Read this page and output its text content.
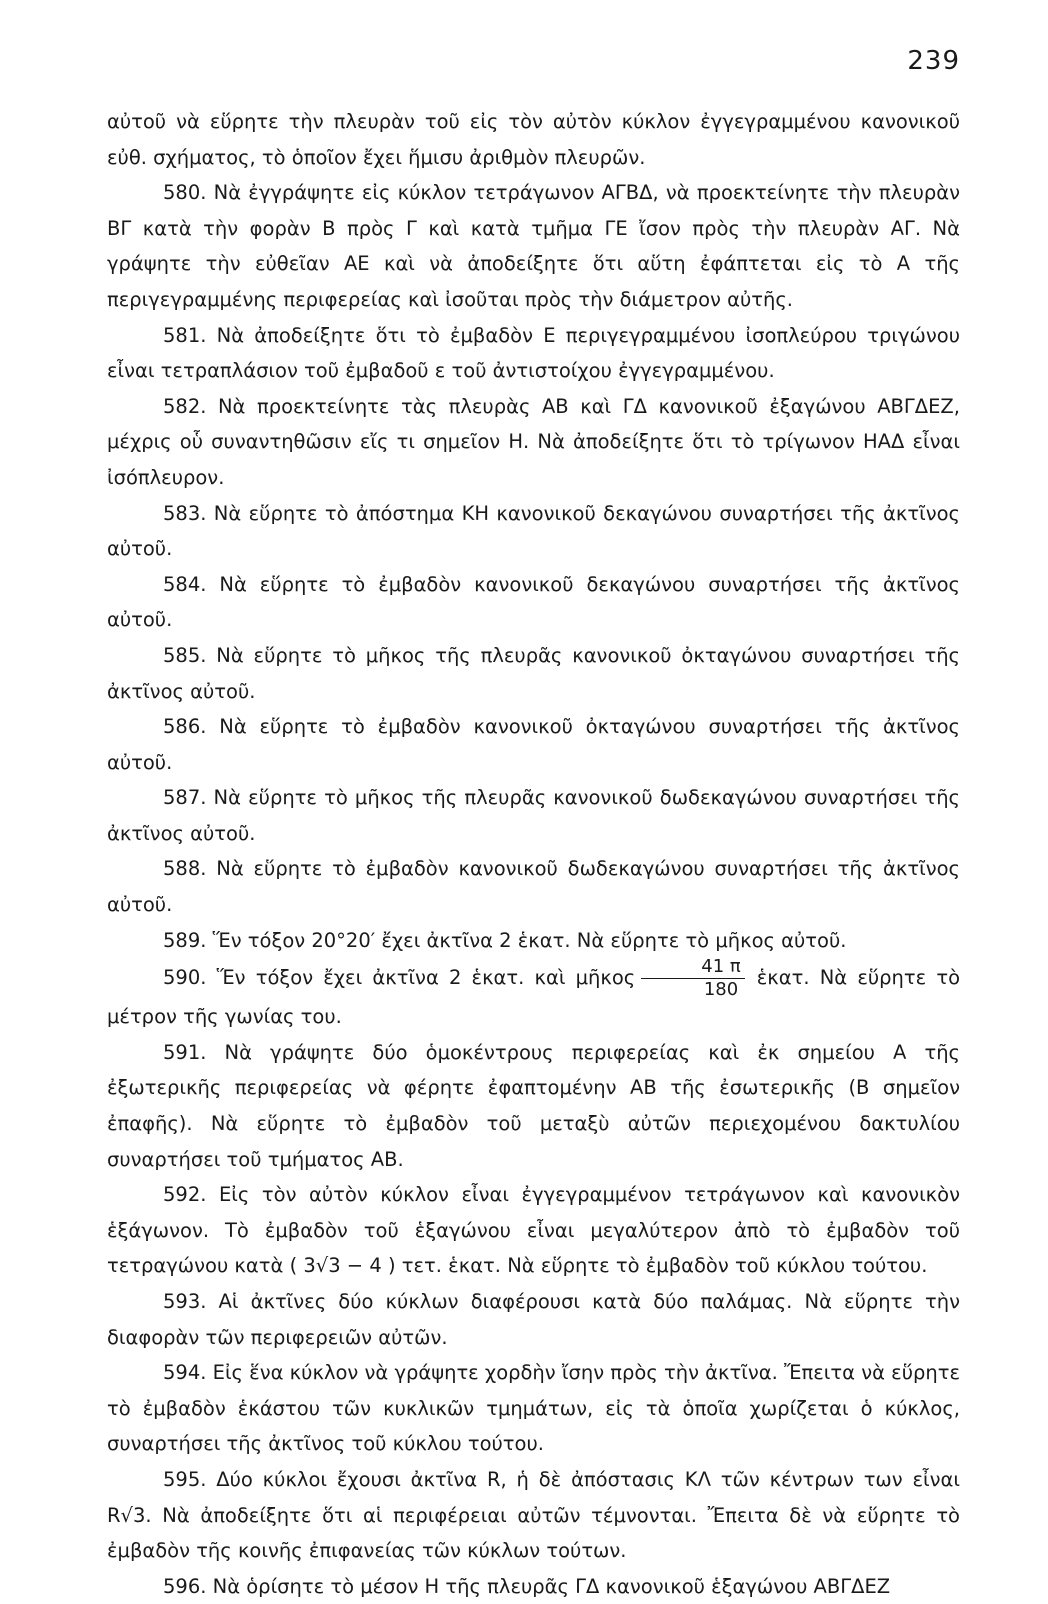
239

αὐτοῦ νὰ εὕρητε τὴν πλευρὰν τοῦ εἰς τὸν αὐτὸν κύκλον ἐγγεγραμμένου κανονικοῦ εὐθ. σχήματος, τὸ ὁποῖον ἔχει ἥμισυ ἀριθμὸν πλευρῶν.

580. Νὰ ἐγγράψητε εἰς κύκλον τετράγωνον ΑΓΒΔ, νὰ προεκτείνητε τὴν πλευρὰν ΒΓ κατὰ τὴν φορὰν Β πρὸς Γ καὶ κατὰ τμῆμα ΓΕ ἴσον πρὸς τὴν πλευρὰν ΑΓ. Νὰ γράψητε τὴν εὐθεῖαν ΑΕ καὶ νὰ ἀποδείξητε ὅτι αὕτη ἐφάπτεται εἰς τὸ Α τῆς περιγεγραμμένης περιφερείας καὶ ἰσοῦται πρὸς τὴν διάμετρον αὐτῆς.

581. Νὰ ἀποδείξητε ὅτι τὸ ἐμβαδὸν Ε περιγεγραμμένου ἰσοπλεύρου τριγώνου εἶναι τετραπλάσιον τοῦ ἐμβαδοῦ ε τοῦ ἀντιστοίχου ἐγγεγραμμένου.

582. Νὰ προεκτείνητε τὰς πλευρὰς ΑΒ καὶ ΓΔ κανονικοῦ ἐξαγώνου ΑΒΓΔΕΖ, μέχρις οὗ συναντηθῶσιν εἴς τι σημεῖον Η. Νὰ ἀποδείξητε ὅτι τὸ τρίγωνον ΗΑΔ εἶναι ἰσόπλευρον.

583. Νὰ εὕρητε τὸ ἀπόστημα ΚΗ κανονικοῦ δεκαγώνου συναρτήσει τῆς ἀκτῖνος αὐτοῦ.

584. Νὰ εὕρητε τὸ ἐμβαδὸν κανονικοῦ δεκαγώνου συναρτήσει τῆς ἀκτῖνος αὐτοῦ.

585. Νὰ εὕρητε τὸ μῆκος τῆς πλευρᾶς κανονικοῦ ὀκταγώνου συναρτήσει τῆς ἀκτῖνος αὐτοῦ.

586. Νὰ εὕρητε τὸ ἐμβαδὸν κανονικοῦ ὀκταγώνου συναρτήσει τῆς ἀκτῖνος αὐτοῦ.

587. Νὰ εὕρητε τὸ μῆκος τῆς πλευρᾶς κανονικοῦ δωδεκαγώνου συναρτήσει τῆς ἀκτῖνος αὐτοῦ.

588. Νὰ εὕρητε τὸ ἐμβαδὸν κανονικοῦ δωδεκαγώνου συναρτήσει τῆς ἀκτῖνος αὐτοῦ.

589. Ἕν τόξον 20°20′ ἔχει ἀκτῖνα 2 ἑκατ. Νὰ εὕρητε τὸ μῆκος αὐτοῦ.

590. Ἕν τόξον ἔχει ἀκτῖνα 2 ἑκατ. καὶ μῆκος $\frac{41 \pi}{180}$ ἑκατ. Νὰ εὕρητε τὸ μέτρον τῆς γωνίας του.

591. Νὰ γράψητε δύο ὁμοκέντρους περιφερείας καὶ ἐκ σημείου Α τῆς ἐξωτερικῆς περιφερείας νὰ φέρητε ἐφαπτομένην ΑΒ τῆς ἐσωτερικῆς (Β σημεῖον ἐπαφῆς). Νὰ εὕρητε τὸ ἐμβαδὸν τοῦ μεταξὺ αὐτῶν περιεχομένου δακτυλίου συναρτήσει τοῦ τμήματος ΑΒ.

592. Εἰς τὸν αὐτὸν κύκλον εἶναι ἐγγεγραμμένον τετράγωνον καὶ κανονικὸν ἑξάγωνον. Τὸ ἐμβαδὸν τοῦ ἑξαγώνου εἶναι μεγαλύτερον ἀπὸ τὸ ἐμβαδὸν τοῦ τετραγώνου κατὰ ( 3√3 − 4 ) τετ. ἑκατ. Νὰ εὕρητε τὸ ἐμβαδὸν τοῦ κύκλου τούτου.

593. Αἱ ἀκτῖνες δύο κύκλων διαφέρουσι κατὰ δύο παλάμας. Νὰ εὕρητε τὴν διαφορὰν τῶν περιφερειῶν αὐτῶν.

594. Εἰς ἕνα κύκλον νὰ γράψητε χορδὴν ἴσην πρὸς τὴν ἀκτῖνα. Ἔπειτα νὰ εὕρητε τὸ ἐμβαδὸν ἑκάστου τῶν κυκλικῶν τμημάτων, εἰς τὰ ὁποῖα χωρίζεται ὁ κύκλος, συναρτήσει τῆς ἀκτῖνος τοῦ κύκλου τούτου.

595. Δύο κύκλοι ἔχουσι ἀκτῖνα R, ἡ δὲ ἀπόστασις ΚΛ τῶν κέντρων των εἶναι R√3. Νὰ ἀποδείξητε ὅτι αἱ περιφέρειαι αὐτῶν τέμνονται. Ἔπειτα δὲ νὰ εὕρητε τὸ ἐμβαδὸν τῆς κοινῆς ἐπιφανείας τῶν κύκλων τούτων.

596. Νὰ ὁρίσητε τὸ μέσον Η τῆς πλευρᾶς ΓΔ κανονικοῦ ἑξαγώνου ΑΒΓΔΕΖ
